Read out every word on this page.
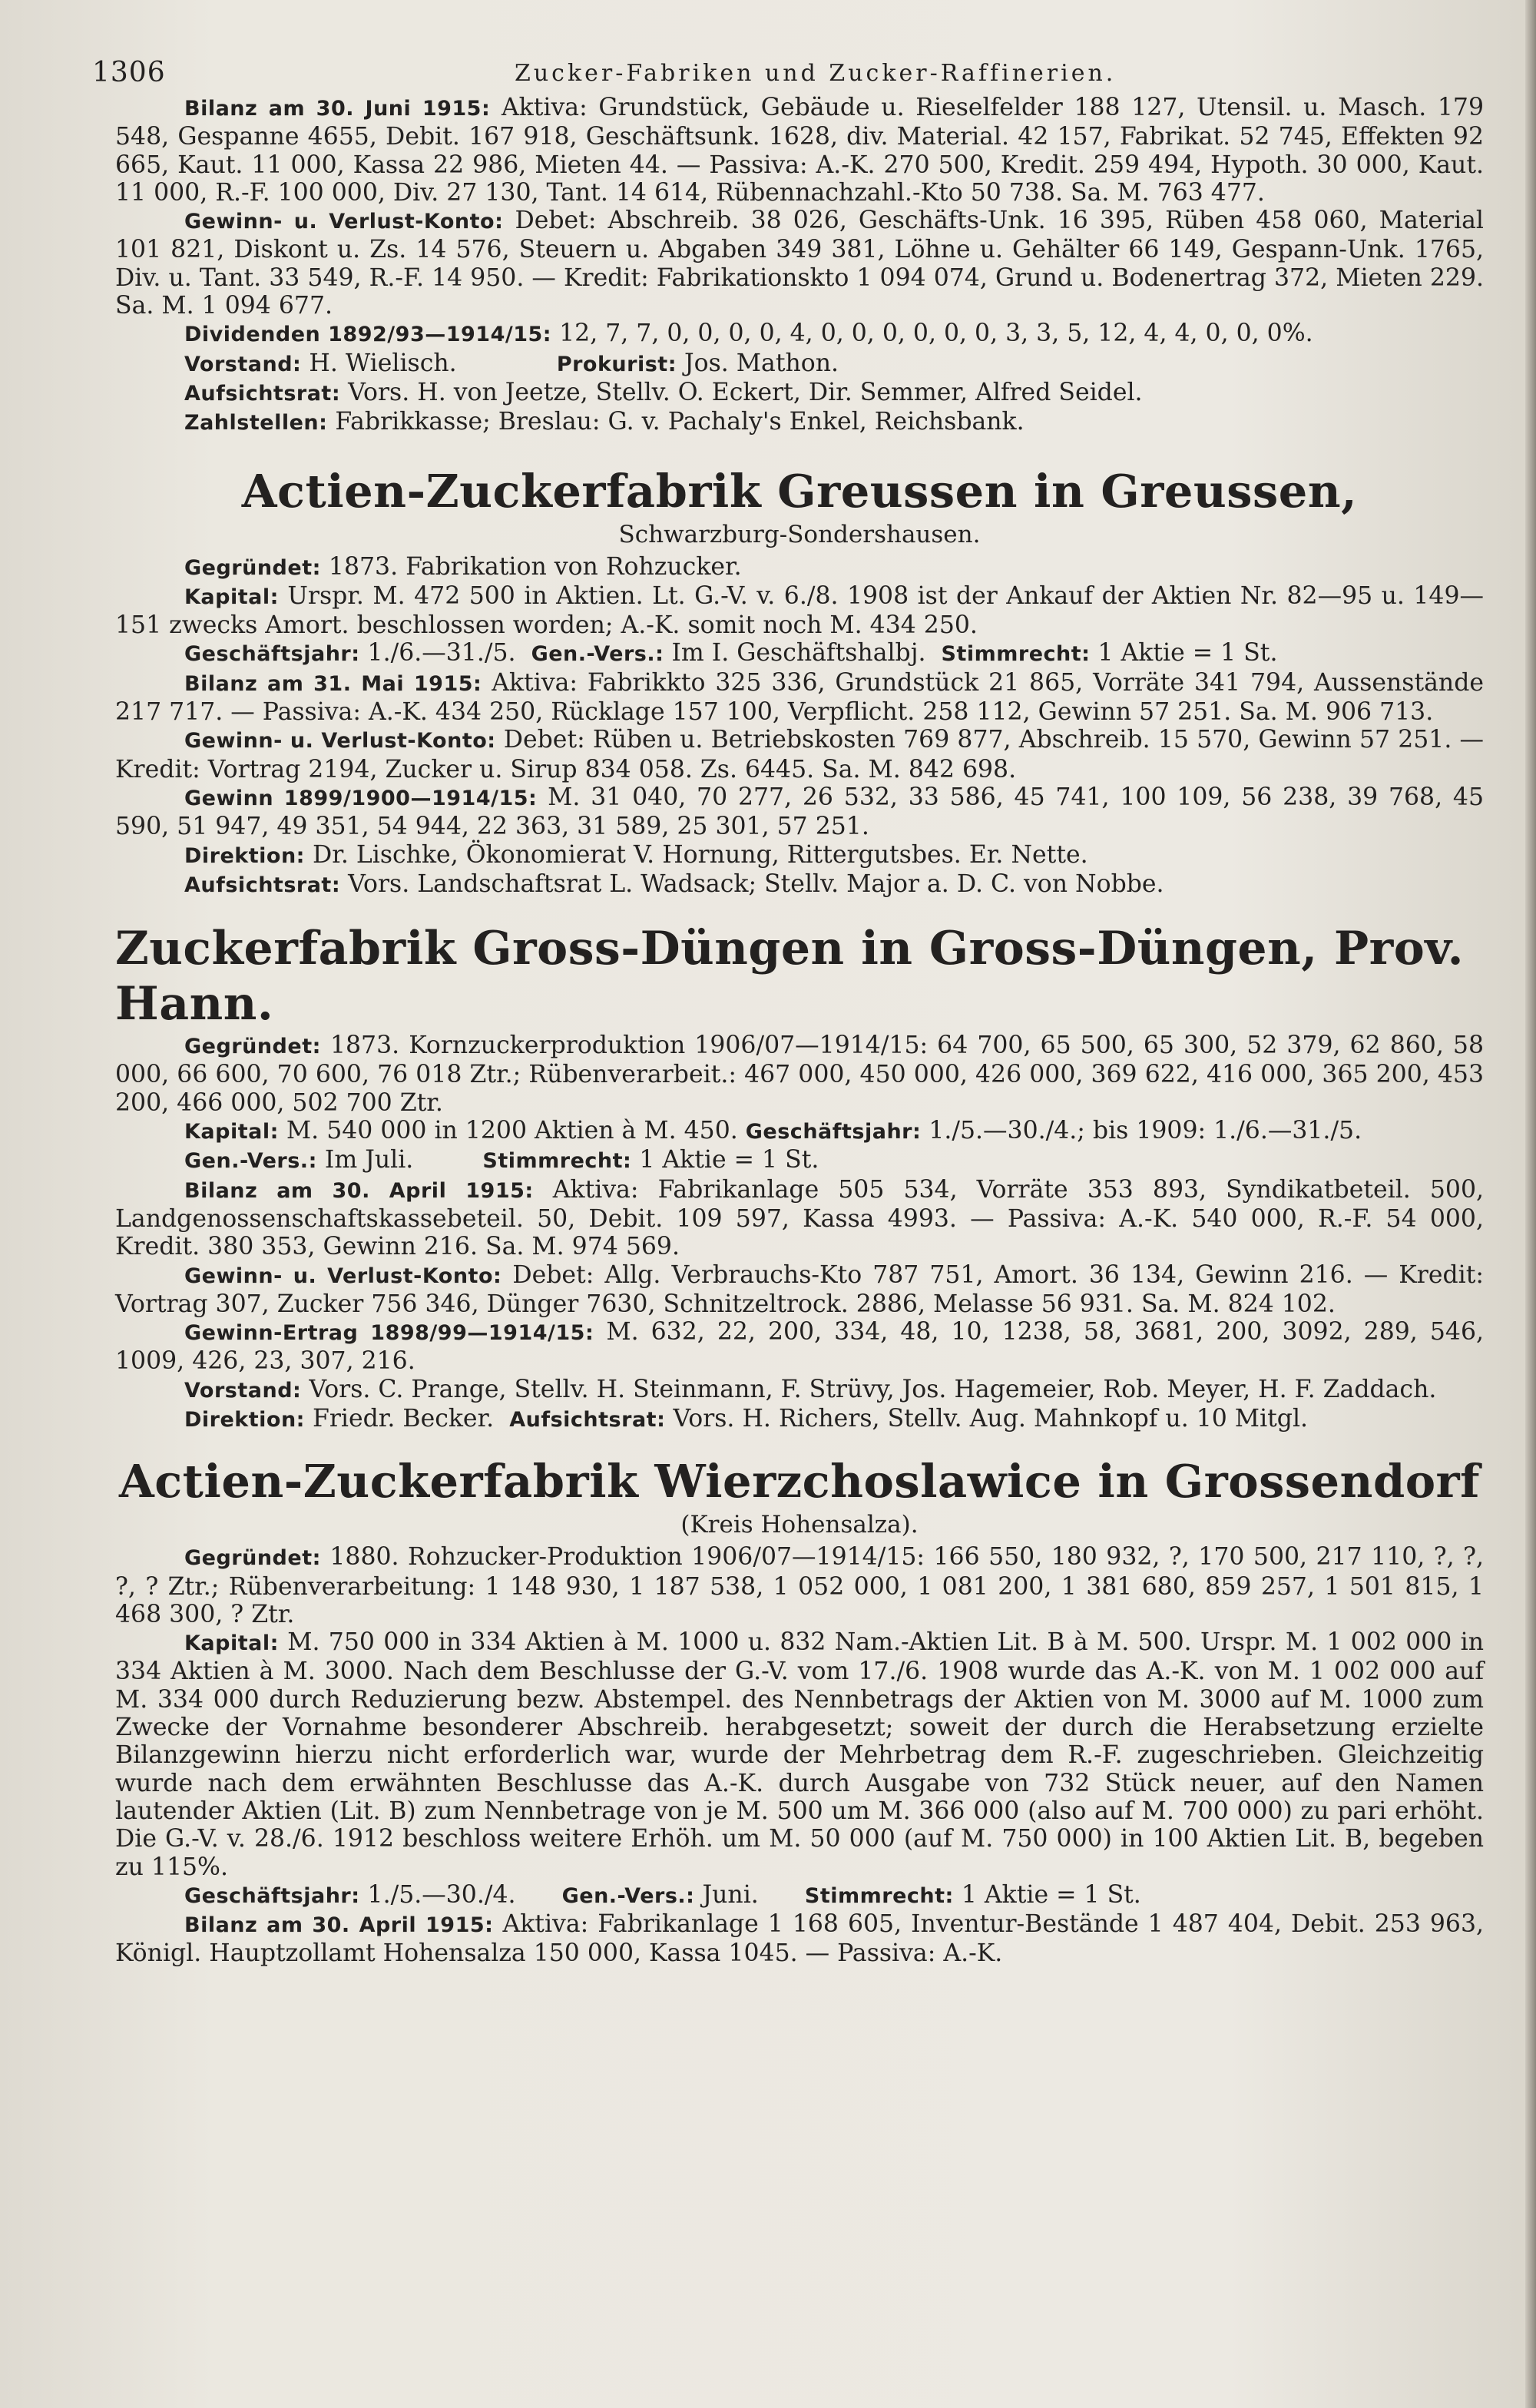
1306	Zucker-Fabriken und Zucker-Raffinerien.

Bilanz am 30. Juni 1915: Aktiva: Grundstück, Gebäude u. Rieselfelder 188 127, Utensil. u. Masch. 179 548, Gespanne 4655, Debit. 167 918, Geschäftsunk. 1628, div. Material. 42 157, Fabrikat. 52 745, Effekten 92 665, Kaut. 11 000, Kassa 22 986, Mieten 44. — Passiva: A.-K. 270 500, Kredit. 259 494, Hypoth. 30 000, Kaut. 11 000, R.-F. 100 000, Div. 27 130, Tant. 14 614, Rübennachzahl.-Kto 50 738. Sa. M. 763 477.

Gewinn- u. Verlust-Konto: Debet: Abschreib. 38 026, Geschäfts-Unk. 16 395, Rüben 458 060, Material 101 821, Diskont u. Zs. 14 576, Steuern u. Abgaben 349 381, Löhne u. Gehälter 66 149, Gespann-Unk. 1765, Div. u. Tant. 33 549, R.-F. 14 950. — Kredit: Fabrikationskto 1 094 074, Grund u. Bodenertrag 372, Mieten 229. Sa. M. 1 094 677.

Dividenden 1892/93—1914/15: 12, 7, 7, 0, 0, 0, 0, 4, 0, 0, 0, 0, 0, 0, 3, 3, 5, 12, 4, 4, 0, 0, 0%.

Vorstand: H. Wielisch.	Prokurist: Jos. Mathon.

Aufsichtsrat: Vors. H. von Jeetze, Stellv. O. Eckert, Dir. Semmer, Alfred Seidel.

Zahlstellen: Fabrikkasse; Breslau: G. v. Pachaly's Enkel, Reichsbank.

Actien-Zuckerfabrik Greussen in Greussen,
Schwarzburg-Sondershausen.

Gegründet: 1873. Fabrikation von Rohzucker.

Kapital: Urspr. M. 472 500 in Aktien. Lt. G.-V. v. 6./8. 1908 ist der Ankauf der Aktien Nr. 82—95 u. 149—151 zwecks Amort. beschlossen worden; A.-K. somit noch M. 434 250.

Geschäftsjahr: 1./6.—31./5. Gen.-Vers.: Im I. Geschäftshalbj. Stimmrecht: 1 Aktie = 1 St.

Bilanz am 31. Mai 1915: Aktiva: Fabrikkto 325 336, Grundstück 21 865, Vorräte 341 794, Aussenstände 217 717. — Passiva: A.-K. 434 250, Rücklage 157 100, Verpflicht. 258 112, Gewinn 57 251. Sa. M. 906 713.

Gewinn- u. Verlust-Konto: Debet: Rüben u. Betriebskosten 769 877, Abschreib. 15 570, Gewinn 57 251. — Kredit: Vortrag 2194, Zucker u. Sirup 834 058. Zs. 6445. Sa. M. 842 698.

Gewinn 1899/1900—1914/15: M. 31 040, 70 277, 26 532, 33 586, 45 741, 100 109, 56 238, 39 768, 45 590, 51 947, 49 351, 54 944, 22 363, 31 589, 25 301, 57 251.

Direktion: Dr. Lischke, Ökonomierat V. Hornung, Rittergutsbes. Er. Nette.

Aufsichtsrat: Vors. Landschaftsrat L. Wadsack; Stellv. Major a. D. C. von Nobbe.

Zuckerfabrik Gross-Düngen in Gross-Düngen, Prov. Hann.

Gegründet: 1873. Kornzuckerproduktion 1906/07—1914/15: 64 700, 65 500, 65 300, 52 379, 62 860, 58 000, 66 600, 70 600, 76 018 Ztr.; Rübenverarbeit.: 467 000, 450 000, 426 000, 369 622, 416 000, 365 200, 453 200, 466 000, 502 700 Ztr.

Kapital: M. 540 000 in 1200 Aktien à M. 450. Geschäftsjahr: 1./5.—30./4.; bis 1909: 1./6.—31./5.

Gen.-Vers.: Im Juli.	Stimmrecht: 1 Aktie = 1 St.

Bilanz am 30. April 1915: Aktiva: Fabrikanlage 505 534, Vorräte 353 893, Syndikatbeteil. 500, Landgenossenschaftskassebeteil. 50, Debit. 109 597, Kassa 4993. — Passiva: A.-K. 540 000, R.-F. 54 000, Kredit. 380 353, Gewinn 216. Sa. M. 974 569.

Gewinn- u. Verlust-Konto: Debet: Allg. Verbrauchs-Kto 787 751, Amort. 36 134, Gewinn 216. — Kredit: Vortrag 307, Zucker 756 346, Dünger 7630, Schnitzeltrock. 2886, Melasse 56 931. Sa. M. 824 102.

Gewinn-Ertrag 1898/99—1914/15: M. 632, 22, 200, 334, 48, 10, 1238, 58, 3681, 200, 3092, 289, 546, 1009, 426, 23, 307, 216.

Vorstand: Vors. C. Prange, Stellv. H. Steinmann, F. Strüvy, Jos. Hagemeier, Rob. Meyer, H. F. Zaddach.

Direktion: Friedr. Becker. Aufsichtsrat: Vors. H. Richers, Stellv. Aug. Mahnkopf u. 10 Mitgl.

Actien-Zuckerfabrik Wierzchoslawice in Grossendorf
(Kreis Hohensalza).

Gegründet: 1880. Rohzucker-Produktion 1906/07—1914/15: 166 550, 180 932, ?, 170 500, 217 110, ?, ?, ?, ? Ztr.; Rübenverarbeitung: 1 148 930, 1 187 538, 1 052 000, 1 081 200, 1 381 680, 859 257, 1 501 815, 1 468 300, ? Ztr.

Kapital: M. 750 000 in 334 Aktien à M. 1000 u. 832 Nam.-Aktien Lit. B à M. 500. Urspr. M. 1 002 000 in 334 Aktien à M. 3000. Nach dem Beschlusse der G.-V. vom 17./6. 1908 wurde das A.-K. von M. 1 002 000 auf M. 334 000 durch Reduzierung bezw. Abstempel. des Nennbetrags der Aktien von M. 3000 auf M. 1000 zum Zwecke der Vornahme besonderer Abschreib. herabgesetzt; soweit der durch die Herabsetzung erzielte Bilanzgewinn hierzu nicht erforderlich war, wurde der Mehrbetrag dem R.-F. zugeschrieben. Gleichzeitig wurde nach dem erwähnten Beschlusse das A.-K. durch Ausgabe von 732 Stück neuer, auf den Namen lautender Aktien (Lit. B) zum Nennbetrage von je M. 500 um M. 366 000 (also auf M. 700 000) zu pari erhöht. Die G.-V. v. 28./6. 1912 beschloss weitere Erhöh. um M. 50 000 (auf M. 750 000) in 100 Aktien Lit. B, begeben zu 115%.

Geschäftsjahr: 1./5.—30./4. Gen.-Vers.: Juni. Stimmrecht: 1 Aktie = 1 St.

Bilanz am 30. April 1915: Aktiva: Fabrikanlage 1 168 605, Inventur-Bestände 1 487 404, Debit. 253 963, Königl. Hauptzollamt Hohensalza 150 000, Kassa 1045. — Passiva: A.-K.
